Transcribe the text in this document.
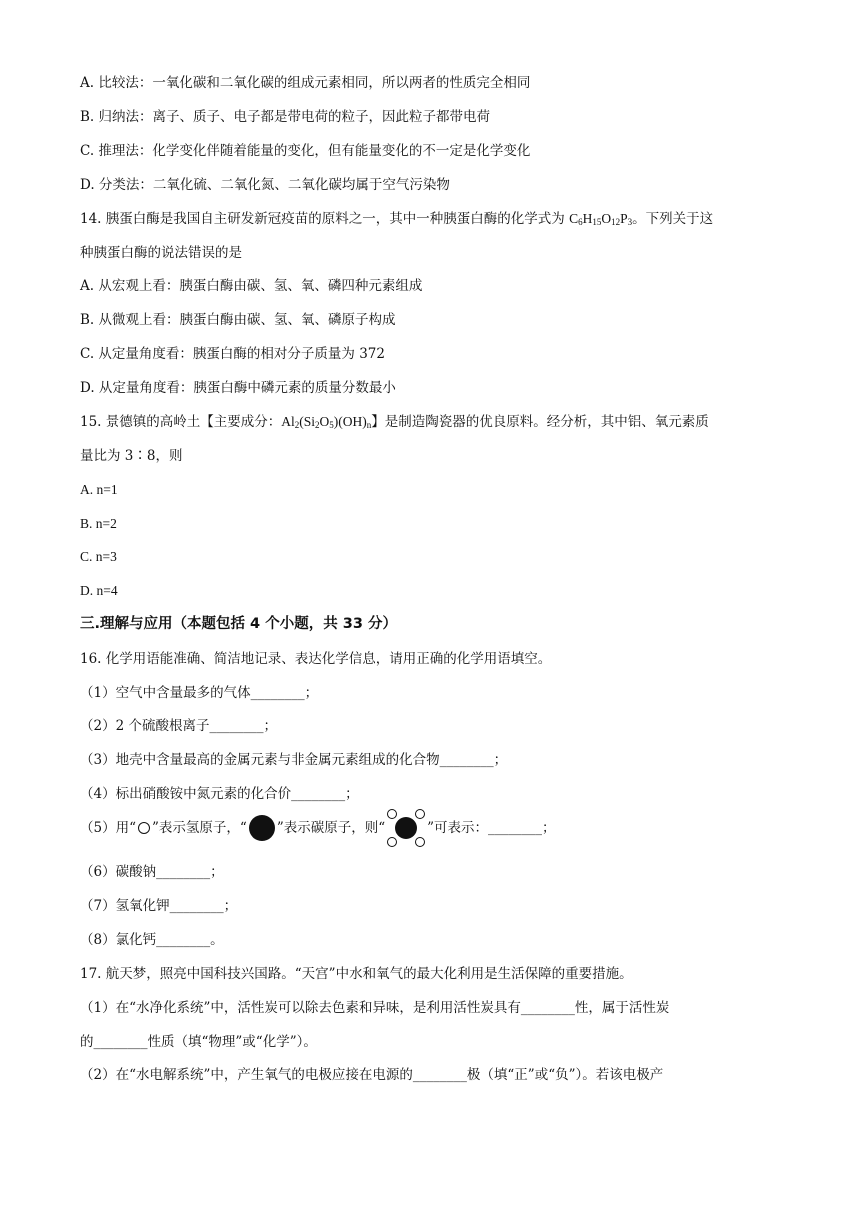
A. 比较法：一氧化碳和二氧化碳的组成元素相同，所以两者的性质完全相同
B. 归纳法：离子、质子、电子都是带电荷的粒子，因此粒子都带电荷
C. 推理法：化学变化伴随着能量的变化，但有能量变化的不一定是化学变化
D. 分类法：二氧化硫、二氧化氮、二氧化碳均属于空气污染物
14. 胰蛋白酶是我国自主研发新冠疫苗的原料之一，其中一种胰蛋白酶的化学式为 $C_6H_{15}O_{12}P_3$。下列关于这
种胰蛋白酶的说法错误的是
A. 从宏观上看：胰蛋白酶由碳、氢、氧、磷四种元素组成
B. 从微观上看：胰蛋白酶由碳、氢、氧、磷原子构成
C. 从定量角度看：胰蛋白酶的相对分子质量为 372
D. 从定量角度看：胰蛋白酶中磷元素的质量分数最小
15. 景德镇的高岭土【主要成分：$Al_2(Si_2O_5)(OH)_n$】是制造陶瓷器的优良原料。经分析，其中铝、氧元素质
量比为 3∶8，则
A. n=1
B. n=2
C. n=3
D. n=4
三.理解与应用（本题包括 4 个小题，共 33 分）
16. 化学用语能准确、简洁地记录、表达化学信息，请用正确的化学用语填空。
（1）空气中含量最多的气体________；
（2）2 个硫酸根离子________；
（3）地壳中含量最高的金属元素与非金属元素组成的化合物________；
（4）标出硝酸铵中氮元素的化合价________；
（5）用“ ”表示氢原子，“ ”表示碳原子，则“	”可表示：________；
（6）碳酸钠________；
（7）氢氧化钾________；
（8）氯化钙________。
17. 航天梦，照亮中国科技兴国路。“天宫”中水和氧气的最大化利用是生活保障的重要措施。
（1）在“水净化系统”中，活性炭可以除去色素和异味，是利用活性炭具有________性，属于活性炭
的________性质（填“物理”或“化学”）。
（2）在“水电解系统”中，产生氧气的电极应接在电源的________极（填“正”或“负”）。若该电极产
